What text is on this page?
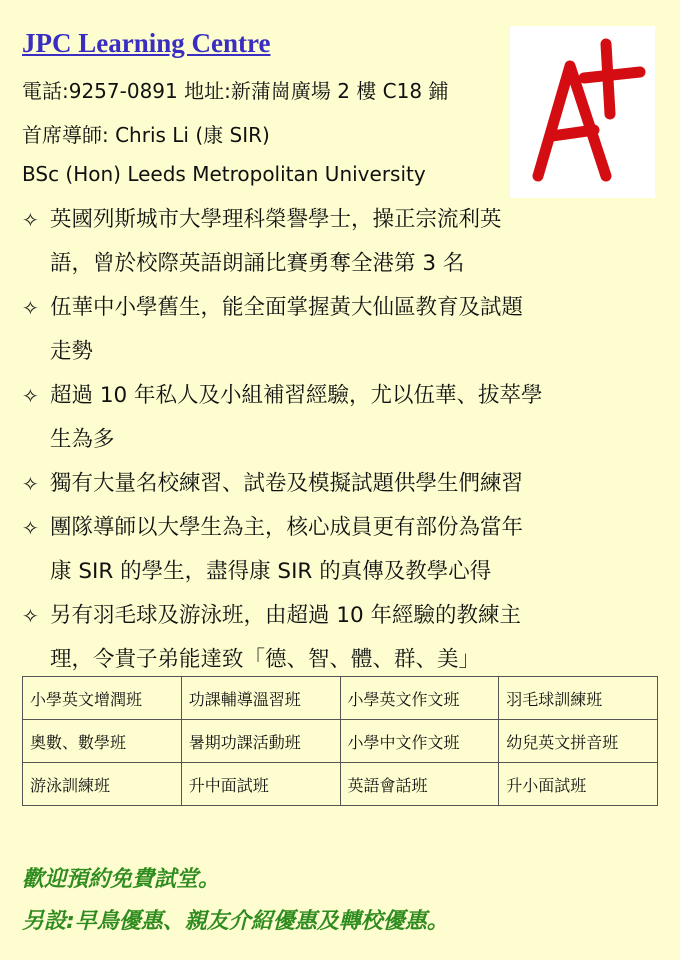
JPC Learning Centre
電話:9257-0891 地址:新蒲崗廣場 2 樓 C18 鋪
首席導師: Chris Li (康 SIR)
BSc (Hon) Leeds Metropolitan University
✧ 英國列斯城市大學理科榮譽學士，操正宗流利英
語，曾於校際英語朗誦比賽勇奪全港第 3 名
✧ 伍華中小學舊生，能全面掌握黃大仙區教育及試題
走勢
✧ 超過 10 年私人及小組補習經驗，尤以伍華、拔萃學
生為多
✧ 獨有大量名校練習、試卷及模擬試題供學生們練習
✧ 團隊導師以大學生為主，核心成員更有部份為當年
康 SIR 的學生，盡得康 SIR 的真傳及教學心得
✧ 另有羽毛球及游泳班，由超過 10 年經驗的教練主
理，令貴子弟能達致「德、智、體、群、美」
小學英文增潤班	功課輔導溫習班	小學英文作文班	羽毛球訓練班
奧數、數學班	暑期功課活動班	小學中文作文班	幼兒英文拼音班
游泳訓練班	升中面試班	英語會話班	升小面試班
歡迎預約免費試堂。
另設:早鳥優惠、親友介紹優惠及轉校優惠。
